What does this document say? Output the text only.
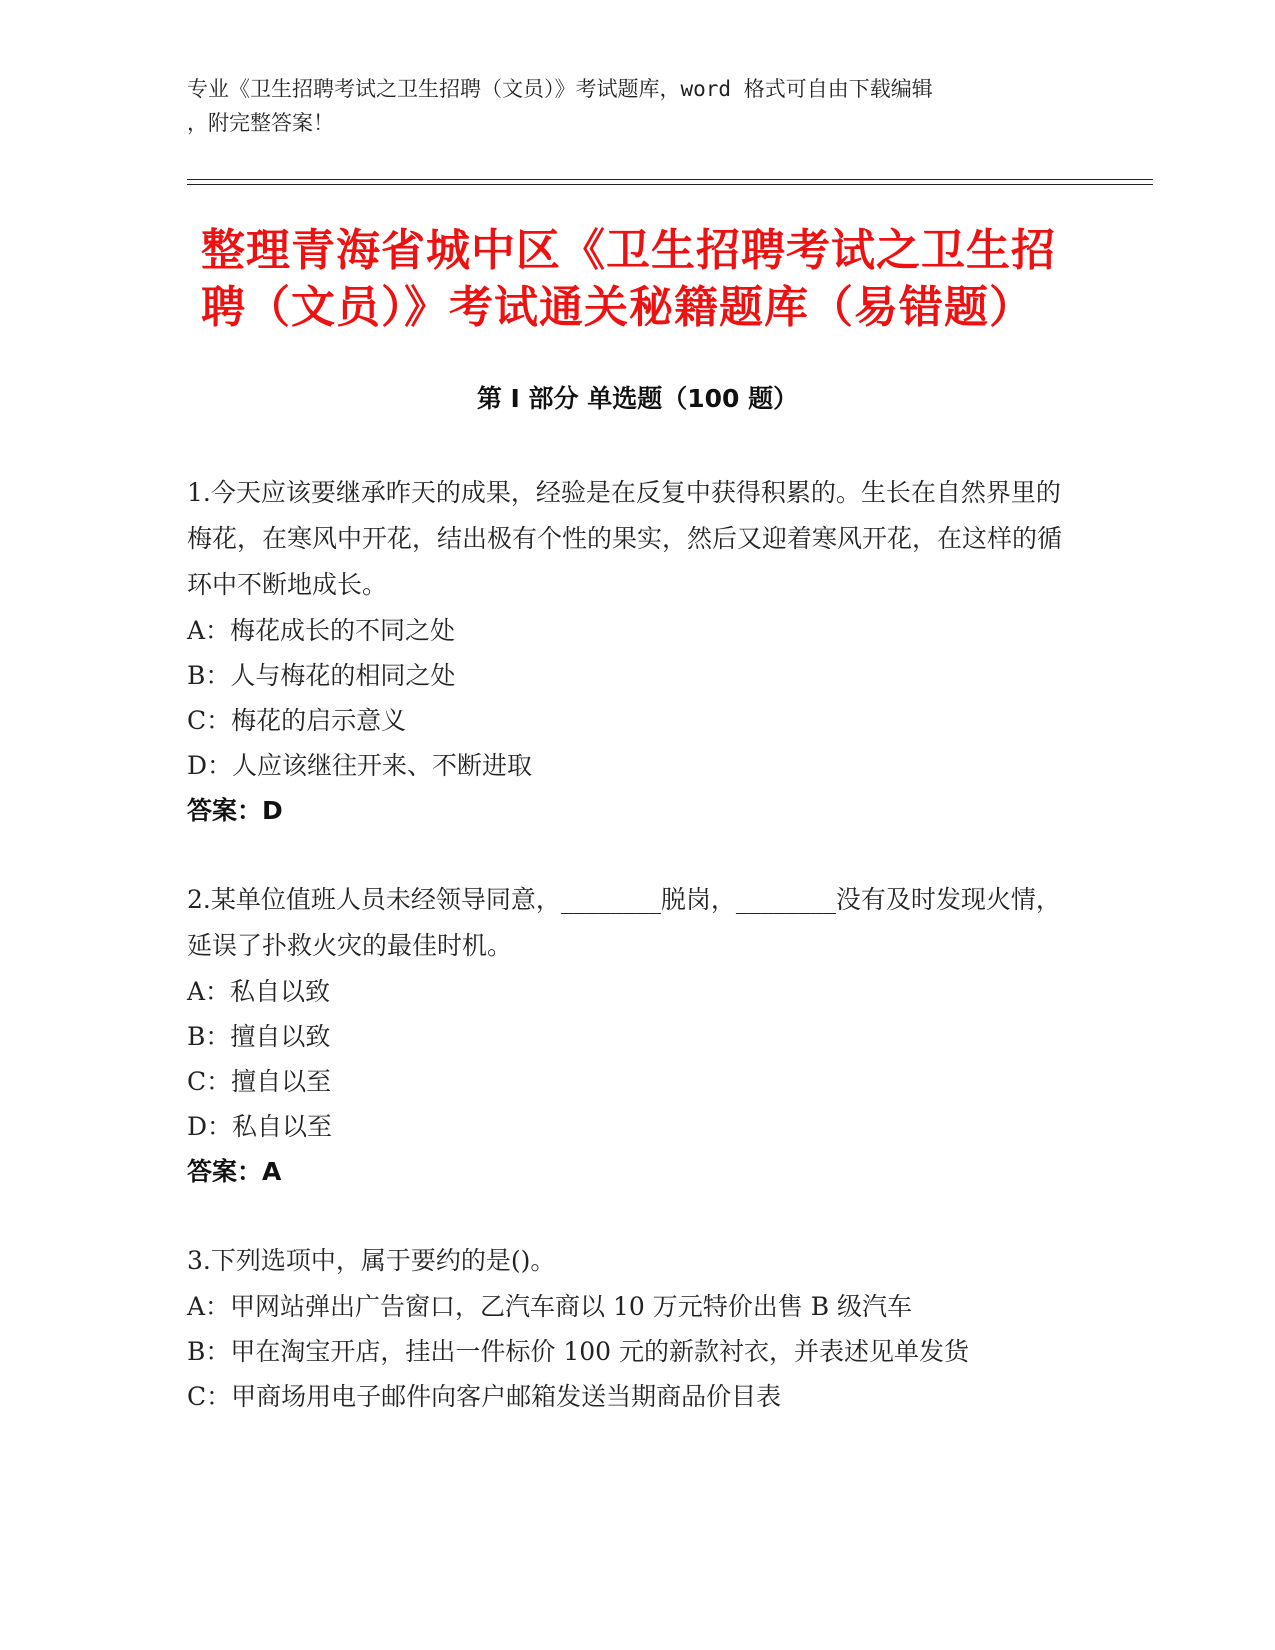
专业《卫生招聘考试之卫生招聘（文员）》考试题库，word 格式可自由下载编辑
，附完整答案！
整理青海省城中区《卫生招聘考试之卫生招
聘（文员）》考试通关秘籍题库（易错题）
第 I 部分 单选题（100 题）

1.今天应该要继承昨天的成果，经验是在反复中获得积累的。生长在自然界里的梅花，在寒风中开花，结出极有个性的果实，然后又迎着寒风开花，在这样的循环中不断地成长。

A：梅花成长的不同之处

B：人与梅花的相同之处

C：梅花的启示意义

D：人应该继往开来、不断进取

答案：D

2.某单位值班人员未经领导同意，________脱岗，________没有及时发现火情，延误了扑救火灾的最佳时机。

A：私自以致

B：擅自以致

C：擅自以至

D：私自以至

答案：A

3.下列选项中，属于要约的是()。

A：甲网站弹出广告窗口，乙汽车商以 10 万元特价出售 B 级汽车

B：甲在淘宝开店，挂出一件标价 100 元的新款衬衣，并表述见单发货

C：甲商场用电子邮件向客户邮箱发送当期商品价目表
